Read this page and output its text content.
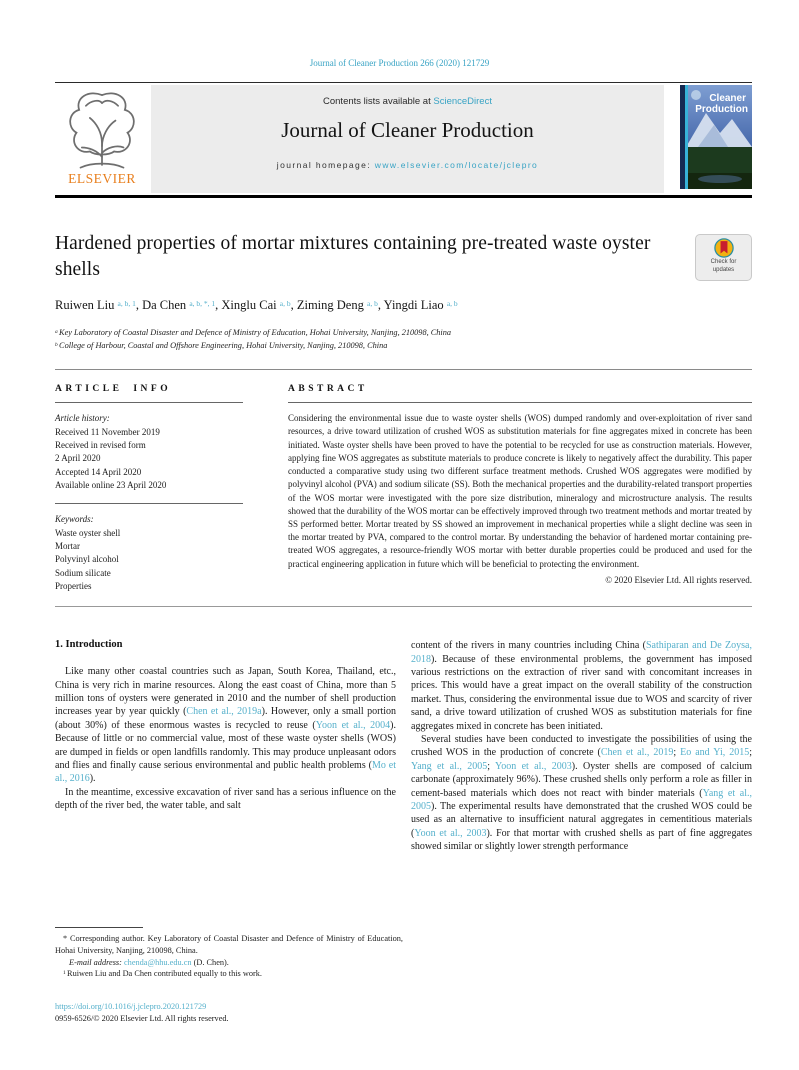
Journal of Cleaner Production 266 (2020) 121729
ELSEVIER
Contents lists available at ScienceDirect
Journal of Cleaner Production
journal homepage: www.elsevier.com/locate/jclepro
Cleaner
Production
Hardened properties of mortar mixtures containing pre-treated waste oyster shells	Check for updates
Ruiwen Liu $^{a, b, 1}$, Da Chen $^{a, b, *, 1}$, Xinglu Cai $^{a, b}$, Ziming Deng $^{a, b}$, Yingdi Liao $^{a, b}$
$^a$ Key Laboratory of Coastal Disaster and Defence of Ministry of Education, Hohai University, Nanjing, 210098, China
$^b$ College of Harbour, Coastal and Offshore Engineering, Hohai University, Nanjing, 210098, China
ARTICLE INFO
Article history:
Received 11 November 2019
Received in revised form
2 April 2020
Accepted 14 April 2020
Available online 23 April 2020
Keywords:
Waste oyster shell
Mortar
Polyvinyl alcohol
Sodium silicate
Properties
ABSTRACT

Considering the environmental issue due to waste oyster shells (WOS) dumped randomly and over-exploitation of river sand resources, a drive toward utilization of crushed WOS as substitution materials for fine aggregates mixed in concrete has been initiated. Waste oyster shells have been proved to have the potential to be recycled for use as construction materials. However, applying fine WOS aggregates as substitute materials to produce concrete is likely to negatively affect the durability. This paper conducted a comparative study using two different surface treatment methods. Crushed WOS aggregates were modified by polyvinyl alcohol (PVA) and sodium silicate (SS). Both the mechanical properties and the durability-related transport properties of the WOS mortar were investigated with the pore size distribution, mineralogy and microstructure analysis. The results showed that the durability of the WOS mortar can be effectively improved through two treatment methods and mortar treated by SS performed better. Mortar treated by SS showed an improvement in mechanical properties while a slight decline was seen in the mortar treated by PVA, compared to the control mortar. By understanding the behavior of hardened mortar containing pre-treated WOS aggregates, a resource-friendly WOS mortar with better durable properties could be produced and used for the practical engineering application in future which will be beneficial to protecting the environment.

© 2020 Elsevier Ltd. All rights reserved.
1. Introduction

Like many other coastal countries such as Japan, South Korea, Thailand, etc., China is very rich in marine resources. Along the east coast of China, more than 5 million tons of oysters were generated in 2010 and the number of shell production increases year by year quickly (Chen et al., 2019a). However, only a small portion (about 30%) of these enormous wastes is recycled to reuse (Yoon et al., 2004). Because of little or no commercial value, most of these waste oyster shells (WOS) are dumped in fields or open landfills randomly. This may produce unpleasant odors and flies and finally cause serious environmental and public health problems (Mo et al., 2016).

In the meantime, excessive excavation of river sand has a serious influence on the depth of the river bed, the water table, and salt

content of the rivers in many countries including China (Sathiparan and De Zoysa, 2018). Because of these environmental problems, the government has imposed various restrictions on the extraction of river sand with concomitant increases in prices. This would have a great impact on the overall stability of the construction market. Thus, considering the environmental issue due to WOS and scarcity of river sand, a drive toward utilization of crushed WOS as substitution materials for fine aggregates mixed in concrete has been initiated.

Several studies have been conducted to investigate the possibilities of using the crushed WOS in the production of concrete (Chen et al., 2019; Eo and Yi, 2015; Yang et al., 2005; Yoon et al., 2003). Oyster shells are composed of calcium carbonate (approximately 96%). These crushed shells only perform a role as filler in cement-based materials which does not react with binder materials (Yang et al., 2005). The experimental results have demonstrated that the crushed WOS could be used as an alternative to insufficient natural aggregates in cementitious materials (Yoon et al., 2003). For that mortar with crushed shells as part of fine aggregates showed similar or slightly lower strength performance

* Corresponding author. Key Laboratory of Coastal Disaster and Defence of Ministry of Education, Hohai University, Nanjing, 210098, China.

E-mail address: chenda@hhu.edu.cn (D. Chen).

$^1$ Ruiwen Liu and Da Chen contributed equally to this work.

https://doi.org/10.1016/j.jclepro.2020.121729
0959-6526/© 2020 Elsevier Ltd. All rights reserved.
